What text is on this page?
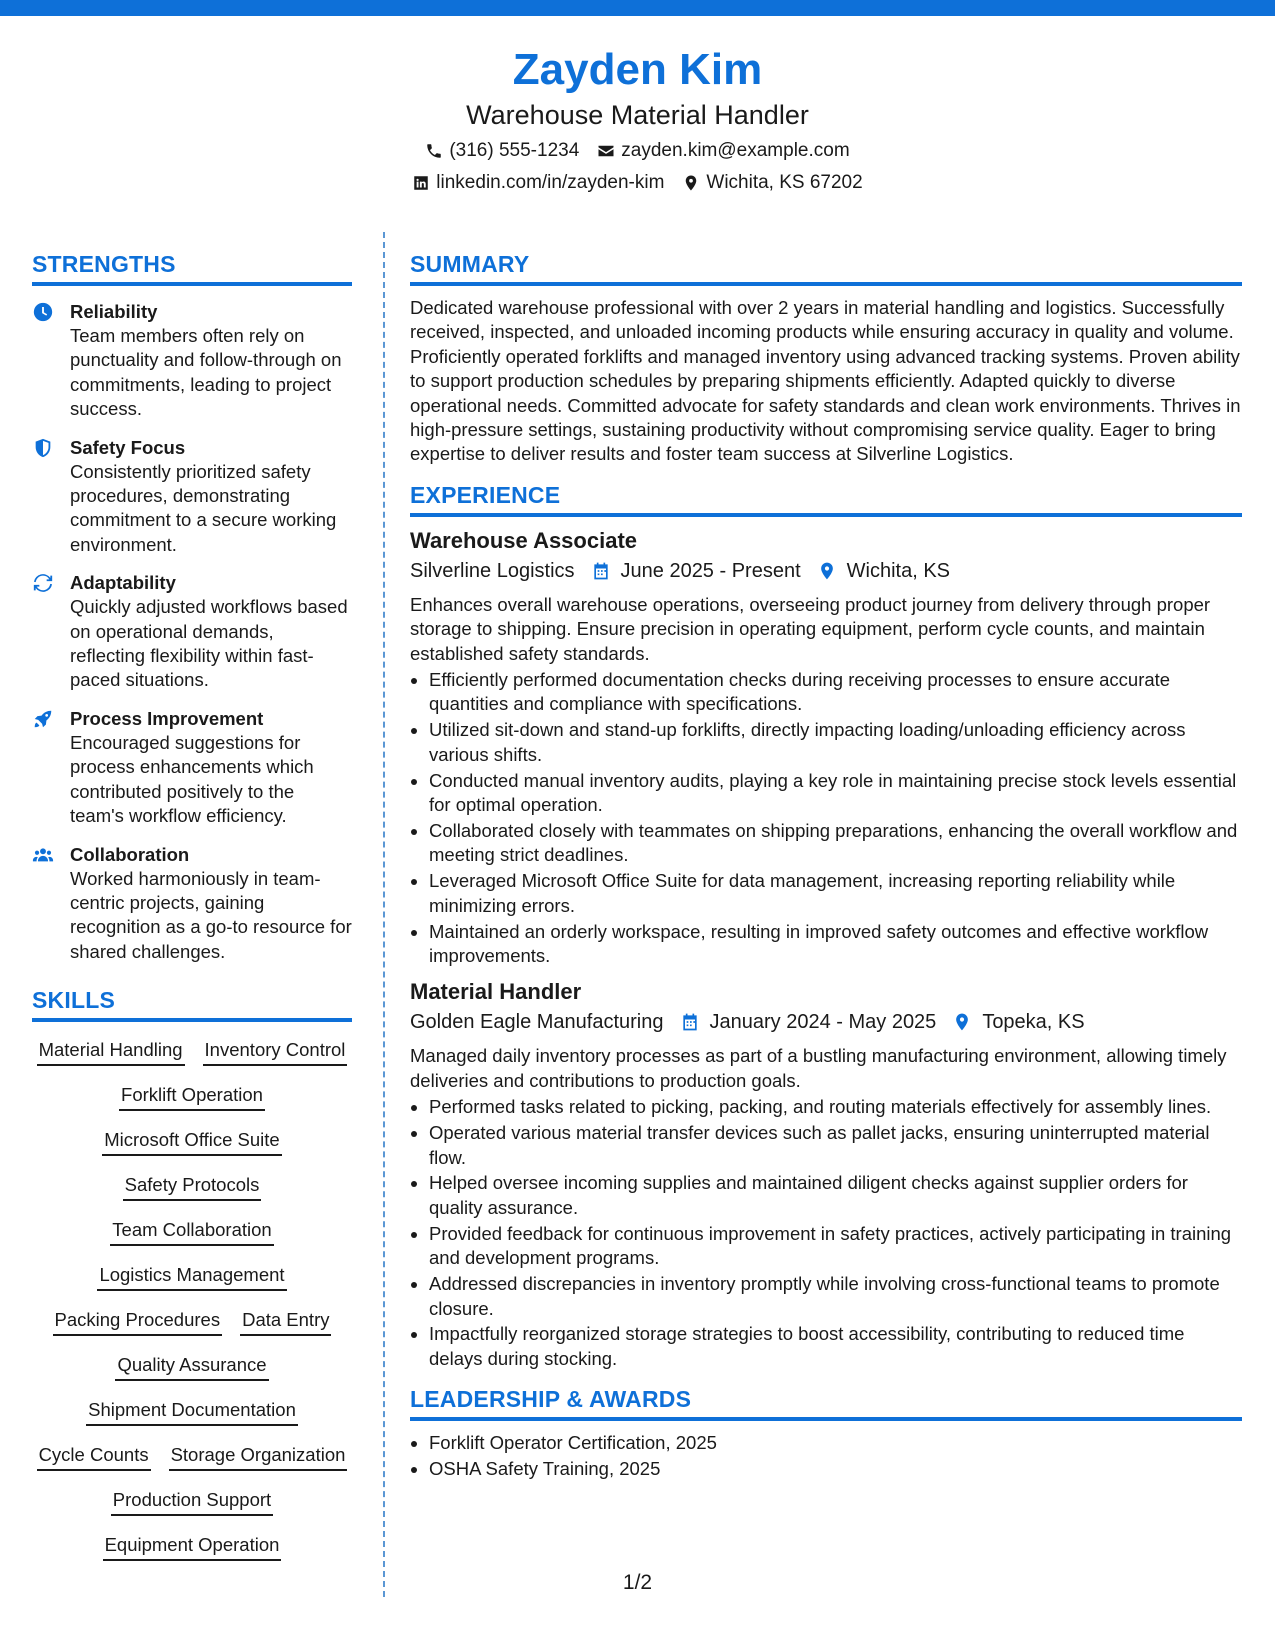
Zayden Kim
Warehouse Material Handler
(316) 555-1234 zayden.kim@example.com
linkedin.com/in/zayden-kim Wichita, KS 67202
STRENGTHS
Reliability
Team members often rely on punctuality and follow-through on commitments, leading to project success.
Safety Focus
Consistently prioritized safety procedures, demonstrating commitment to a secure working environment.
Adaptability
Quickly adjusted workflows based on operational demands, reflecting flexibility within fast-paced situations.
Process Improvement
Encouraged suggestions for process enhancements which contributed positively to the team's workflow efficiency.
Collaboration
Worked harmoniously in team-centric projects, gaining recognition as a go-to resource for shared challenges.
SKILLS
Material Handling Inventory Control
Forklift Operation
Microsoft Office Suite
Safety Protocols
Team Collaboration
Logistics Management
Packing Procedures Data Entry
Quality Assurance
Shipment Documentation
Cycle Counts Storage Organization
Production Support
Equipment Operation
SUMMARY
Dedicated warehouse professional with over 2 years in material handling and logistics. Successfully received, inspected, and unloaded incoming products while ensuring accuracy in quality and volume. Proficiently operated forklifts and managed inventory using advanced tracking systems. Proven ability to support production schedules by preparing shipments efficiently. Adapted quickly to diverse operational needs. Committed advocate for safety standards and clean work environments. Thrives in high-pressure settings, sustaining productivity without compromising service quality. Eager to bring expertise to deliver results and foster team success at Silverline Logistics.
EXPERIENCE
Warehouse Associate
Silverline Logistics June 2025 - Present Wichita, KS
Enhances overall warehouse operations, overseeing product journey from delivery through proper storage to shipping. Ensure precision in operating equipment, perform cycle counts, and maintain established safety standards.
Efficiently performed documentation checks during receiving processes to ensure accurate quantities and compliance with specifications.
Utilized sit-down and stand-up forklifts, directly impacting loading/unloading efficiency across various shifts.
Conducted manual inventory audits, playing a key role in maintaining precise stock levels essential for optimal operation.
Collaborated closely with teammates on shipping preparations, enhancing the overall workflow and meeting strict deadlines.
Leveraged Microsoft Office Suite for data management, increasing reporting reliability while minimizing errors.
Maintained an orderly workspace, resulting in improved safety outcomes and effective workflow improvements.
Material Handler
Golden Eagle Manufacturing January 2024 - May 2025 Topeka, KS
Managed daily inventory processes as part of a bustling manufacturing environment, allowing timely deliveries and contributions to production goals.
Performed tasks related to picking, packing, and routing materials effectively for assembly lines.
Operated various material transfer devices such as pallet jacks, ensuring uninterrupted material flow.
Helped oversee incoming supplies and maintained diligent checks against supplier orders for quality assurance.
Provided feedback for continuous improvement in safety practices, actively participating in training and development programs.
Addressed discrepancies in inventory promptly while involving cross-functional teams to promote closure.
Impactfully reorganized storage strategies to boost accessibility, contributing to reduced time delays during stocking.
LEADERSHIP & AWARDS
Forklift Operator Certification, 2025
OSHA Safety Training, 2025
1/2
